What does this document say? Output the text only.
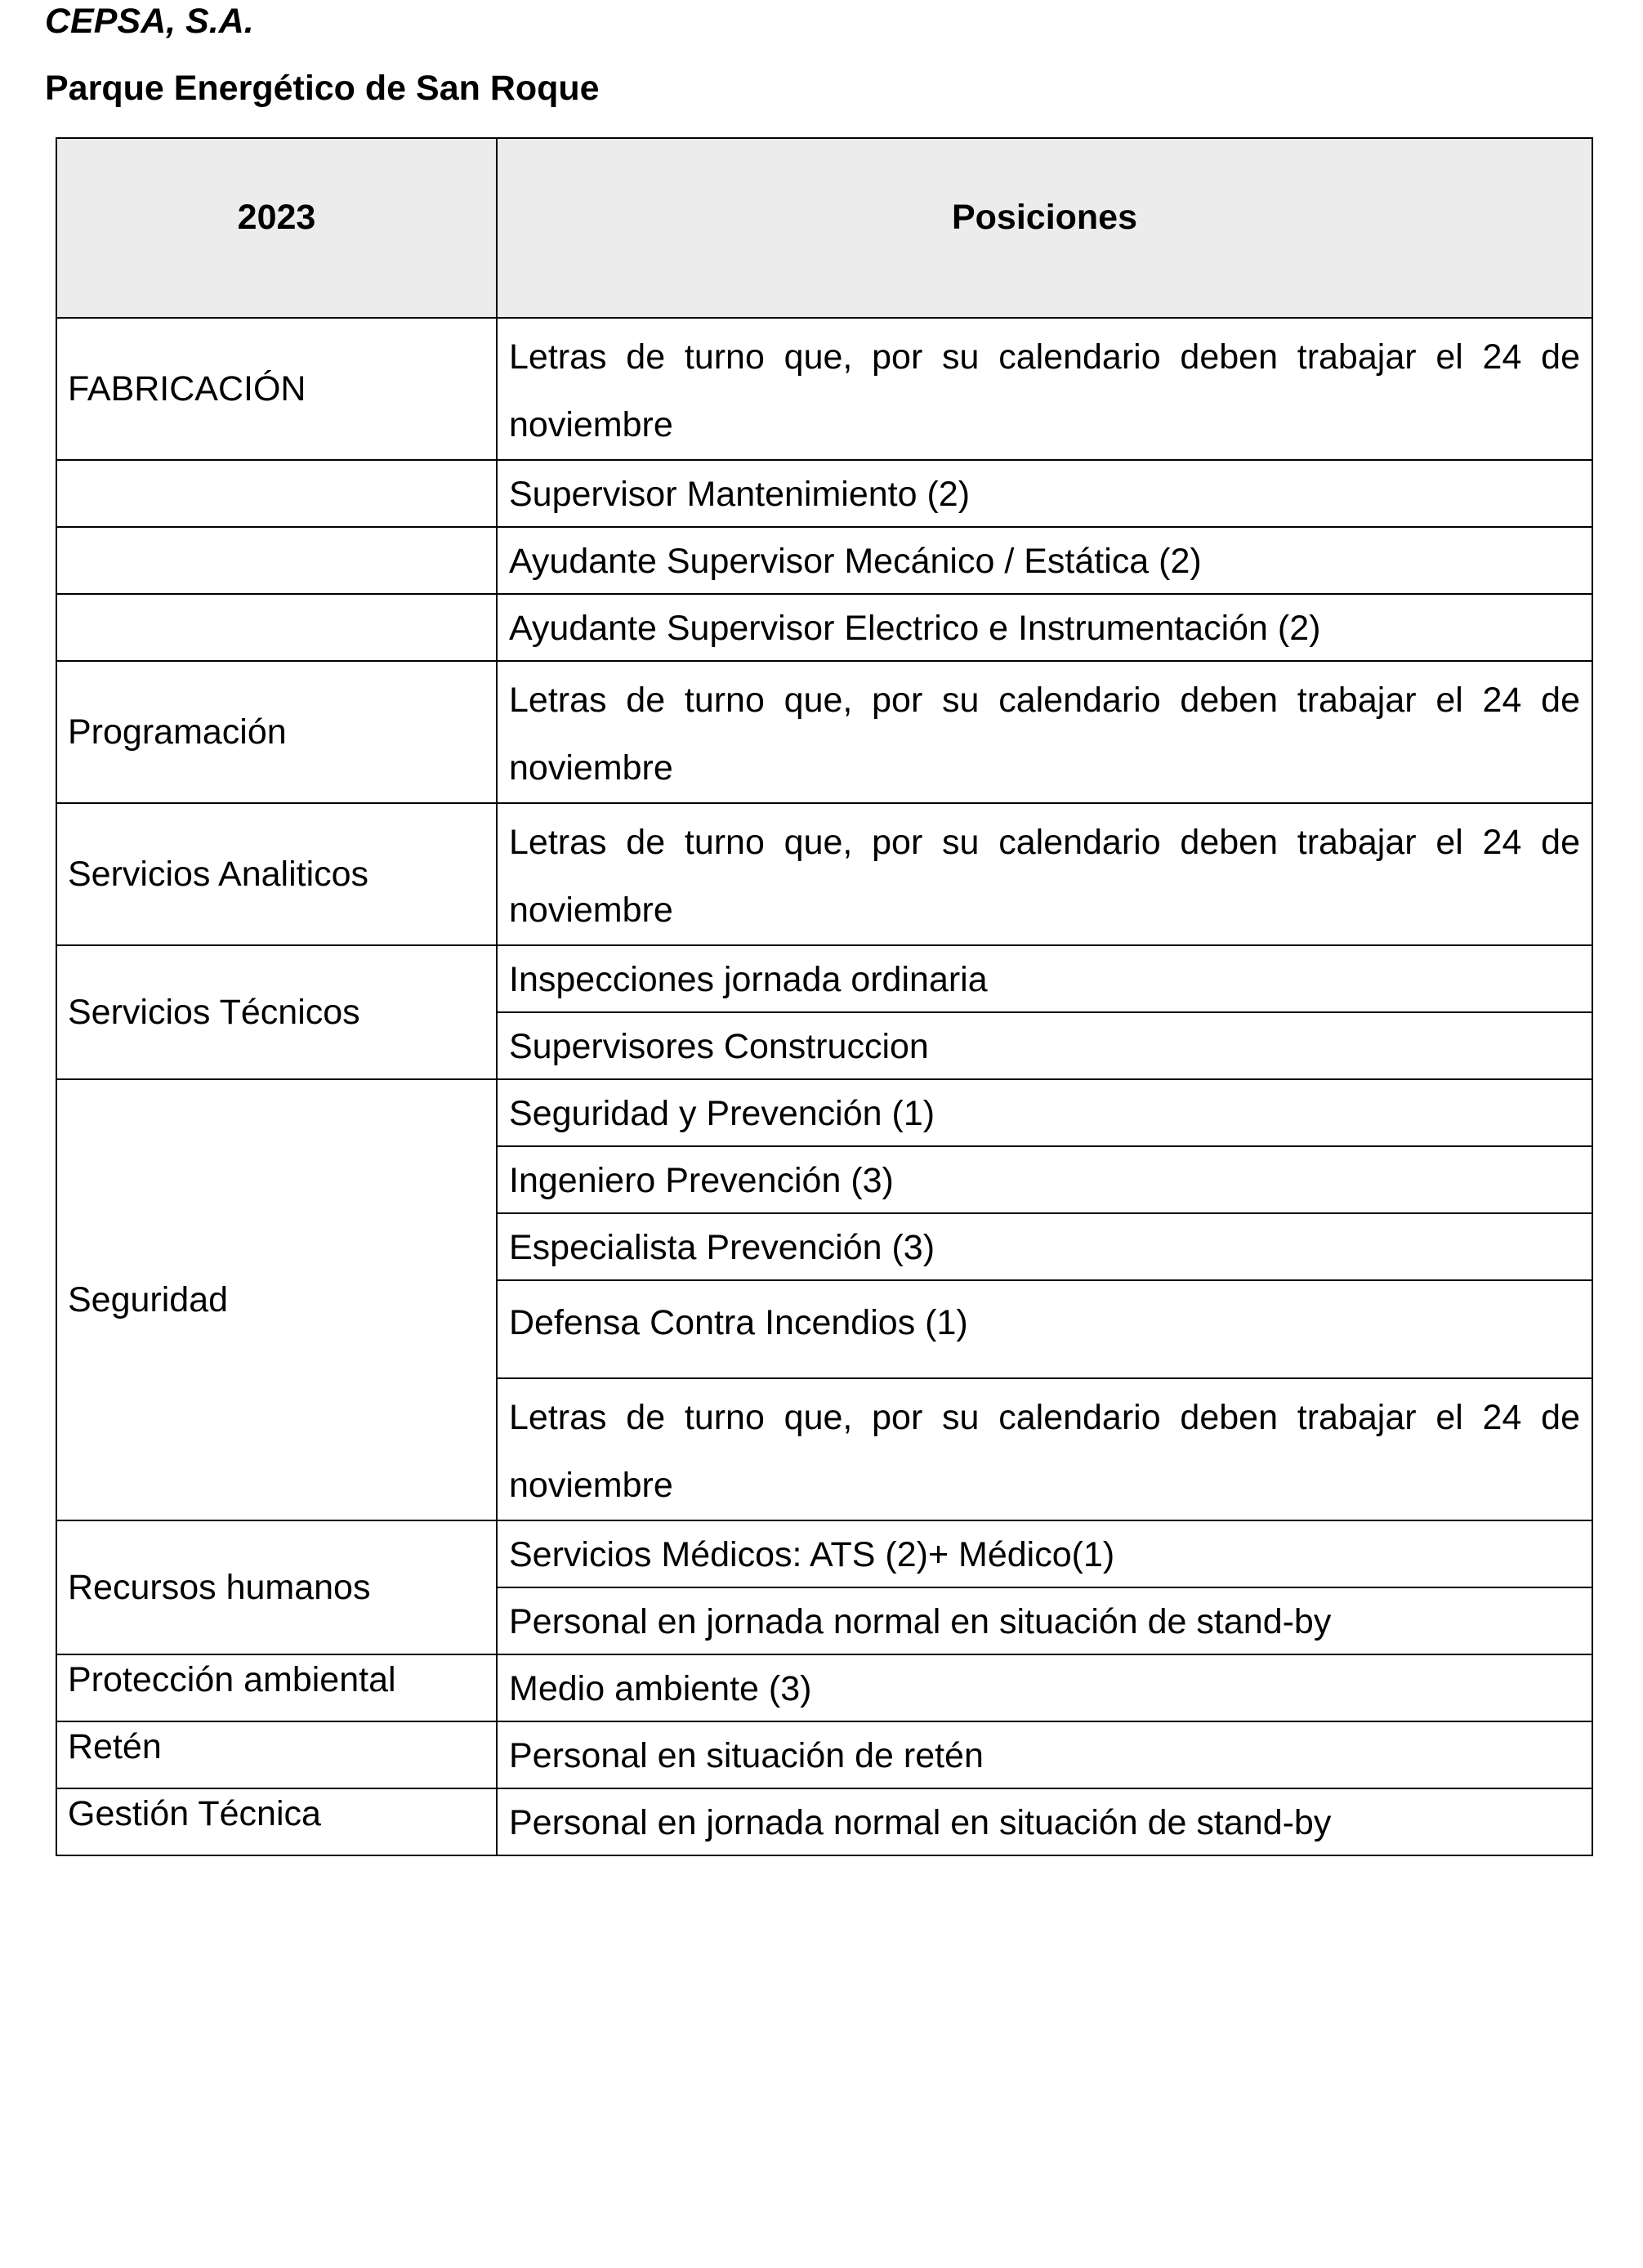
CEPSA, S.A.
Parque Energético de San Roque
2023	Posiciones
FABRICACIÓN	Letras de turno que, por su calendario deben trabajar el 24 de noviembre
	Supervisor Mantenimiento (2)
	Ayudante Supervisor Mecánico / Estática (2)
	Ayudante Supervisor Electrico e Instrumentación (2)
Programación	Letras de turno que, por su calendario deben trabajar el 24 de noviembre
Servicios Analiticos	Letras de turno que, por su calendario deben trabajar el 24 de noviembre
Servicios Técnicos	Inspecciones jornada ordinaria
	Supervisores Construccion
Seguridad	Seguridad y Prevención (1)
	Ingeniero Prevención (3)
	Especialista Prevención (3)
	Defensa Contra Incendios (1)
	Letras de turno que, por su calendario deben trabajar el 24 de noviembre
Recursos humanos	Servicios Médicos: ATS (2)+ Médico(1)
	Personal en jornada normal en situación de stand-by
Protección ambiental	Medio ambiente (3)
Retén	Personal en situación de retén
Gestión Técnica	Personal en jornada normal en situación de stand-by
